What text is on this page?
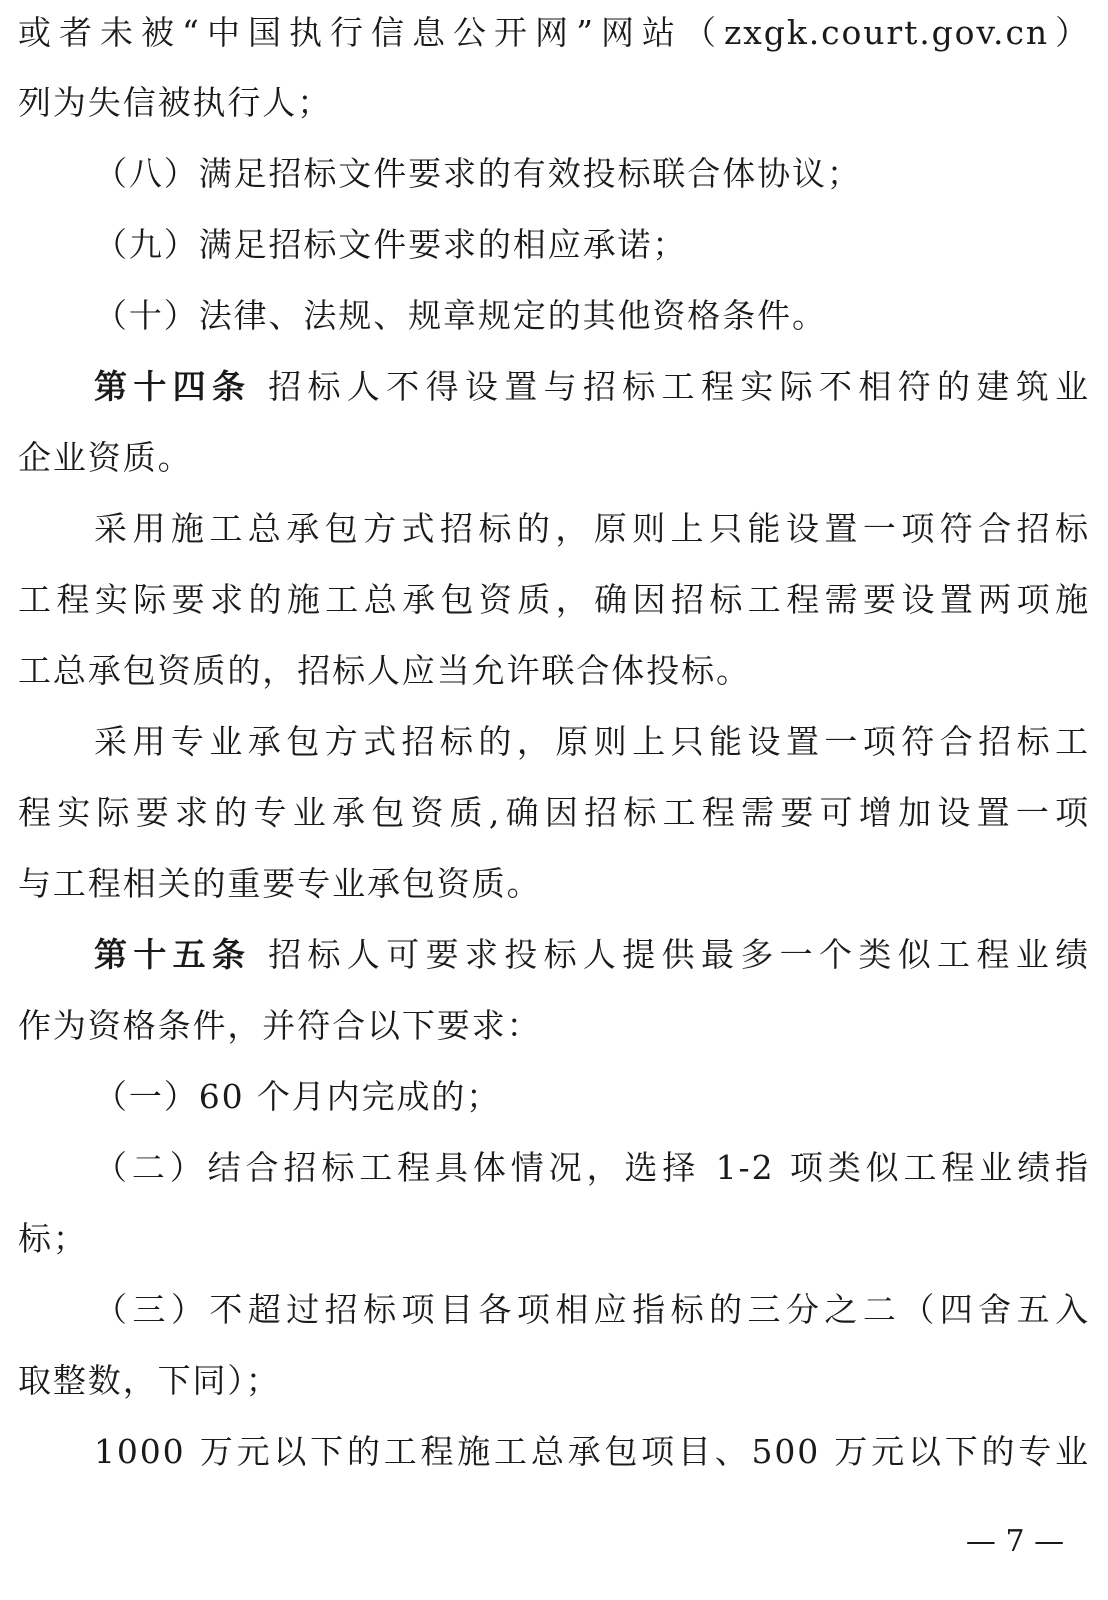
或者未被“中国执行信息公开网”网站（zxgk.court.gov.cn）
列为失信被执行人；
（八）满足招标文件要求的有效投标联合体协议；
（九）满足招标文件要求的相应承诺；
（十）法律、法规、规章规定的其他资格条件。
第十四条 招标人不得设置与招标工程实际不相符的建筑业
企业资质。
采用施工总承包方式招标的，原则上只能设置一项符合招标
工程实际要求的施工总承包资质，确因招标工程需要设置两项施
工总承包资质的，招标人应当允许联合体投标。
采用专业承包方式招标的，原则上只能设置一项符合招标工
程实际要求的专业承包资质,确因招标工程需要可增加设置一项
与工程相关的重要专业承包资质。
第十五条 招标人可要求投标人提供最多一个类似工程业绩
作为资格条件，并符合以下要求：
（一）60 个月内完成的；
（二）结合招标工程具体情况，选择 1-2 项类似工程业绩指
标；
（三）不超过招标项目各项相应指标的三分之二（四舍五入
取整数，下同）；
1000 万元以下的工程施工总承包项目、500 万元以下的专业
— 7 —
